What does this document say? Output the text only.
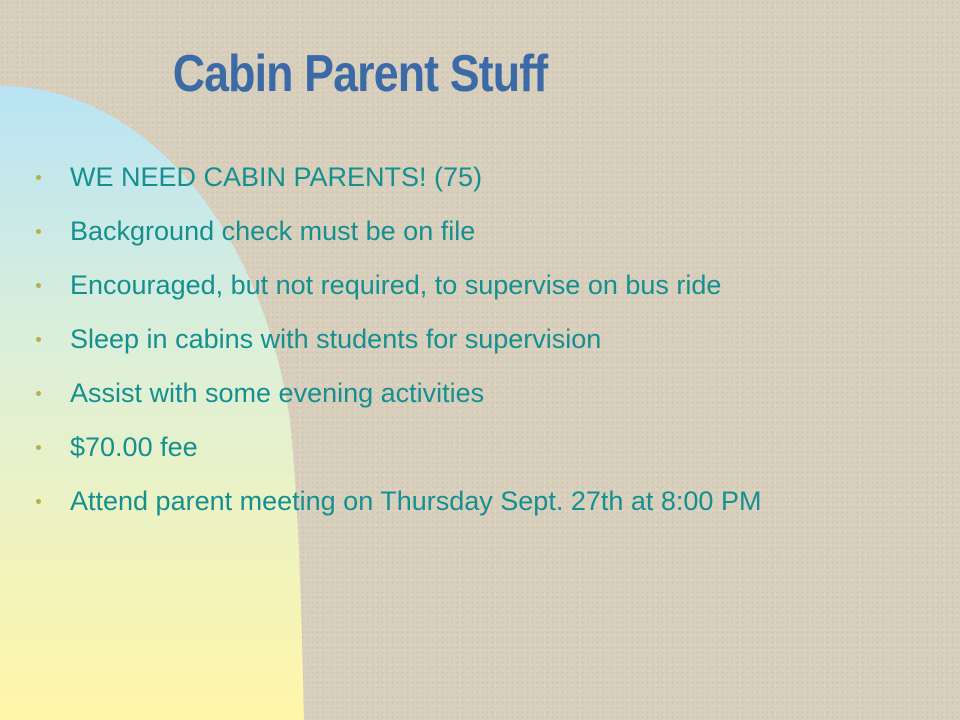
Cabin Parent Stuff
WE NEED CABIN PARENTS! (75)
Background check must be on file
Encouraged, but not required, to supervise on bus ride
Sleep in cabins with students for supervision
Assist with some evening activities
$70.00 fee
Attend parent meeting on Thursday Sept. 27th at 8:00 PM
